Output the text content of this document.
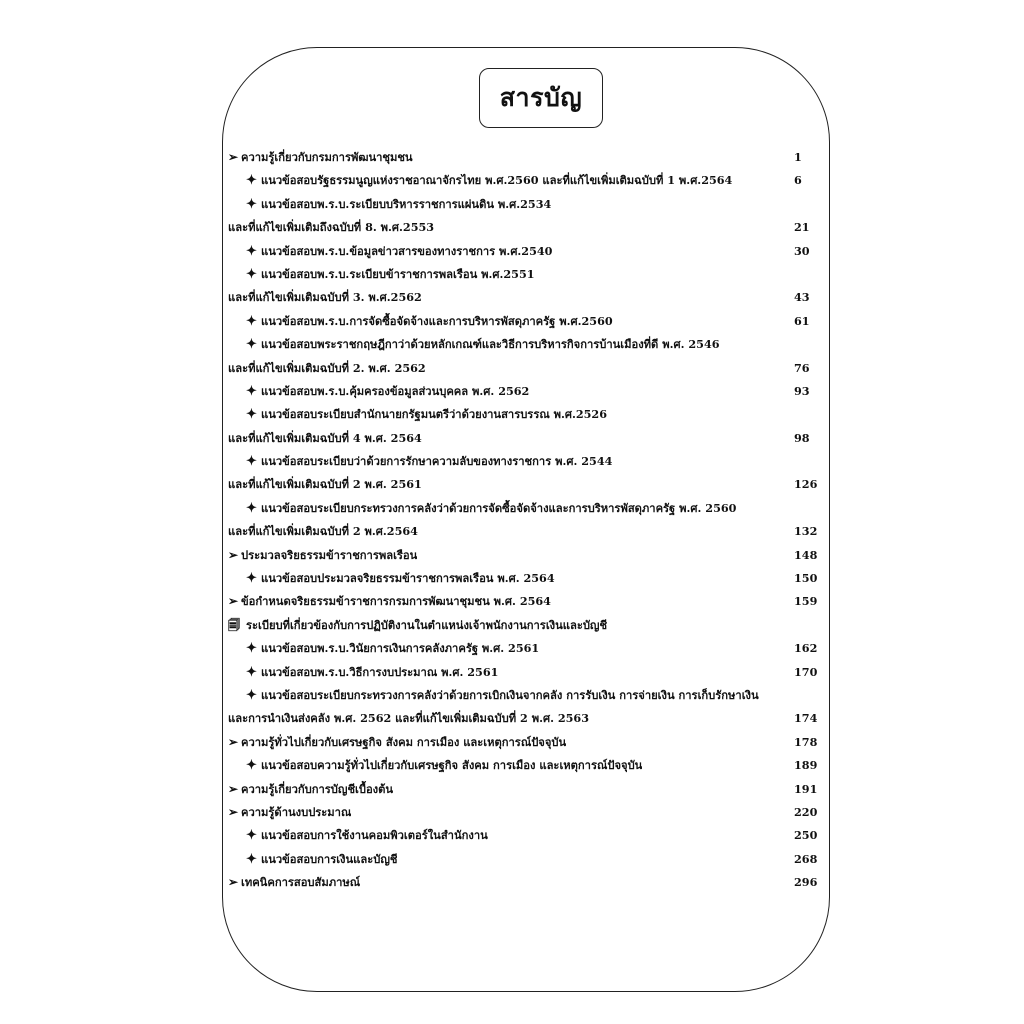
สารบัญ
➢ ความรู้เกี่ยวกับกรมการพัฒนาชุมชน	1
✦ แนวข้อสอบรัฐธรรมนูญแห่งราชอาณาจักรไทย พ.ศ.2560 และที่แก้ไขเพิ่มเติมฉบับที่ 1 พ.ศ.2564	6
✦ แนวข้อสอบพ.ร.บ.ระเบียบบริหารราชการแผ่นดิน พ.ศ.2534
และที่แก้ไขเพิ่มเติมถึงฉบับที่ 8. พ.ศ.2553	21
✦ แนวข้อสอบพ.ร.บ.ข้อมูลข่าวสารของทางราชการ พ.ศ.2540	30
✦ แนวข้อสอบพ.ร.บ.ระเบียบข้าราชการพลเรือน พ.ศ.2551
และที่แก้ไขเพิ่มเติมฉบับที่ 3. พ.ศ.2562	43
✦ แนวข้อสอบพ.ร.บ.การจัดซื้อจัดจ้างและการบริหารพัสดุภาครัฐ พ.ศ.2560	61
✦ แนวข้อสอบพระราชกฤษฎีกาว่าด้วยหลักเกณฑ์และวิธีการบริหารกิจการบ้านเมืองที่ดี พ.ศ. 2546
และที่แก้ไขเพิ่มเติมฉบับที่ 2. พ.ศ. 2562	76
✦ แนวข้อสอบพ.ร.บ.คุ้มครองข้อมูลส่วนบุคคล พ.ศ. 2562	93
✦ แนวข้อสอบระเบียบสำนักนายกรัฐมนตรีว่าด้วยงานสารบรรณ พ.ศ.2526
และที่แก้ไขเพิ่มเติมฉบับที่ 4 พ.ศ. 2564	98
✦ แนวข้อสอบระเบียบว่าด้วยการรักษาความลับของทางราชการ พ.ศ. 2544
และที่แก้ไขเพิ่มเติมฉบับที่ 2 พ.ศ. 2561	126
✦ แนวข้อสอบระเบียบกระทรวงการคลังว่าด้วยการจัดซื้อจัดจ้างและการบริหารพัสดุภาครัฐ พ.ศ. 2560
และที่แก้ไขเพิ่มเติมฉบับที่ 2 พ.ศ.2564	132
➢ ประมวลจริยธรรมข้าราชการพลเรือน	148
✦ แนวข้อสอบประมวลจริยธรรมข้าราชการพลเรือน พ.ศ. 2564	150
➢ ข้อกำหนดจริยธรรมข้าราชการกรมการพัฒนาชุมชน พ.ศ. 2564	159
🗐 ระเบียบที่เกี่ยวข้องกับการปฏิบัติงานในตำแหน่งเจ้าพนักงานการเงินและบัญชี
✦ แนวข้อสอบพ.ร.บ.วินัยการเงินการคลังภาครัฐ พ.ศ. 2561	162
✦ แนวข้อสอบพ.ร.บ.วิธีการงบประมาณ พ.ศ. 2561	170
✦ แนวข้อสอบระเบียบกระทรวงการคลังว่าด้วยการเบิกเงินจากคลัง การรับเงิน การจ่ายเงิน การเก็บรักษาเงิน
และการนำเงินส่งคลัง พ.ศ. 2562 และที่แก้ไขเพิ่มเติมฉบับที่ 2 พ.ศ. 2563	174
➢ ความรู้ทั่วไปเกี่ยวกับเศรษฐกิจ สังคม การเมือง และเหตุการณ์ปัจจุบัน	178
✦ แนวข้อสอบความรู้ทั่วไปเกี่ยวกับเศรษฐกิจ สังคม การเมือง และเหตุการณ์ปัจจุบัน	189
➢ ความรู้เกี่ยวกับการบัญชีเบื้องต้น	191
➢ ความรู้ด้านงบประมาณ	220
✦ แนวข้อสอบการใช้งานคอมพิวเตอร์ในสำนักงาน	250
✦ แนวข้อสอบการเงินและบัญชี	268
➢ เทคนิคการสอบสัมภาษณ์	296
